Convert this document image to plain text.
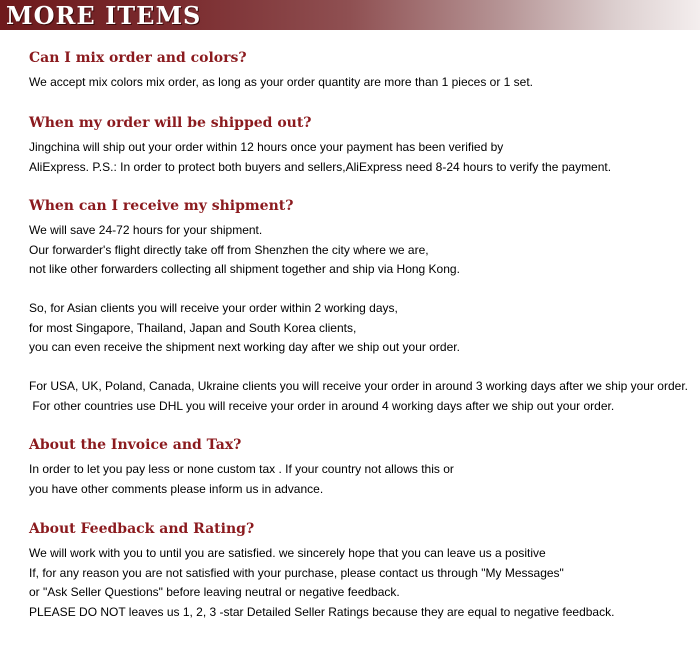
MORE ITEMS
Can I mix order and colors?
We accept mix colors mix order, as long as your order quantity are more than 1 pieces or 1 set.
When my order will be shipped out?
Jingchina will ship out your order within 12 hours once your payment has been verified by
AliExpress. P.S.: In order to protect both buyers and sellers,AliExpress need 8-24 hours to verify the payment.
When can I receive my shipment?
We will save 24-72 hours for your shipment.
Our forwarder's flight directly take off from Shenzhen the city where we are,
not like other forwarders collecting all shipment together and ship via Hong Kong.
So, for Asian clients you will receive your order within 2 working days,
for most Singapore, Thailand, Japan and South Korea clients,
you can even receive the shipment next working day after we ship out your order.
For USA, UK, Poland, Canada, Ukraine clients you will receive your order in around 3 working days after we ship your order.
For other countries use DHL you will receive your order in around 4 working days after we ship out your order.
About the Invoice and Tax?
In order to let you pay less or none custom tax . If your country not allows this or
you have other comments please inform us in advance.
About Feedback and Rating?
We will work with you to until you are satisfied. we sincerely hope that you can leave us a positive
If, for any reason you are not satisfied with your purchase, please contact us through "My Messages"
or "Ask Seller Questions" before leaving neutral or negative feedback.
PLEASE DO NOT leaves us 1, 2, 3 -star Detailed Seller Ratings because they are equal to negative feedback.
